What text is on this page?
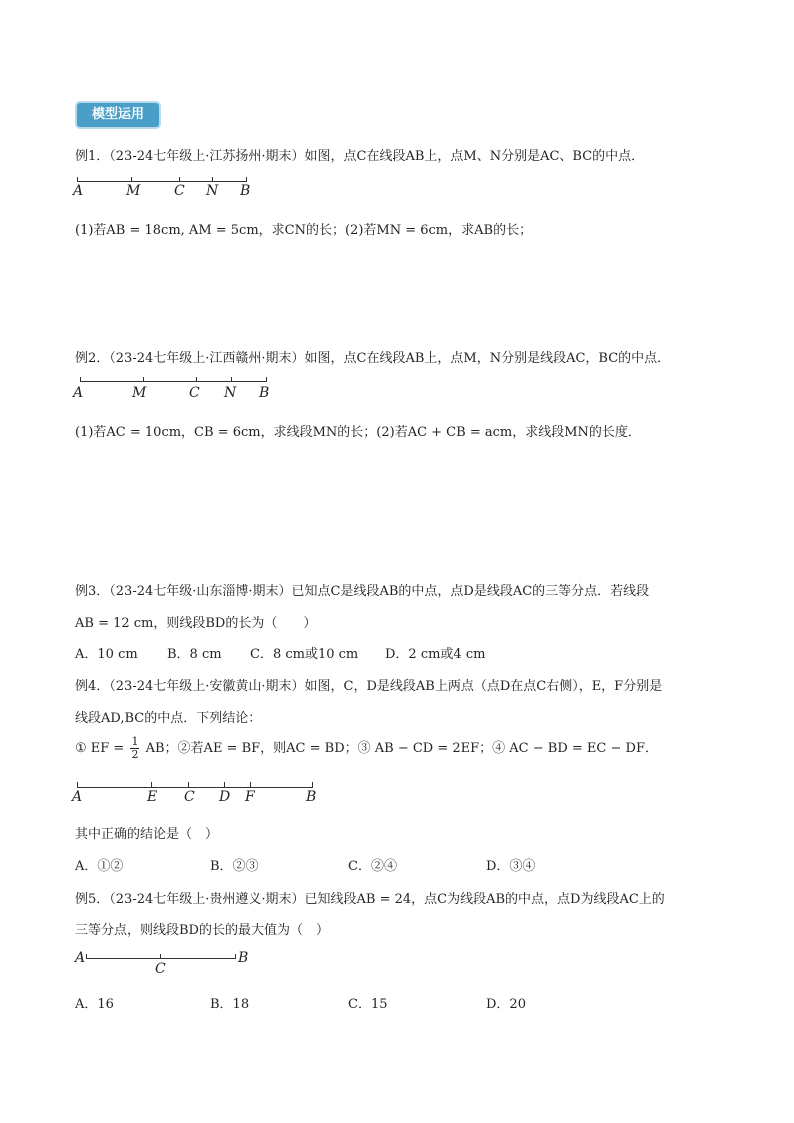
模型运用
例1．（23-24七年级上·江苏扬州·期末）如图，点C在线段AB上，点M、N分别是AC、BC的中点．
A	M C N B
(1)若AB = 18cm, AM = 5cm，求CN的长；(2)若MN = 6cm，求AB的长；
例2．（23-24七年级上·江西赣州·期末）如图，点C在线段AB上，点M，N分别是线段AC，BC的中点．
A	M	C N B
(1)若AC = 10cm，CB = 6cm，求线段MN的长；(2)若AC + CB = acm，求线段MN的长度．
例3．（23-24七年级·山东淄博·期末）已知点C是线段AB的中点，点D是线段AC的三等分点．若线段
AB = 12 cm，则线段BD的长为（　　）
A．10 cm B．8 cm C．8 cm或10 cm D．2 cm或4 cm
例4．（23-24七年级上·安徽黄山·期末）如图，C，D是线段AB上两点（点D在点C右侧），E，F分别是
线段AD,BC的中点．下列结论：
① EF = $\frac{1}{2}$ AB；②若AE = BF，则AC = BD；③ AB − CD = 2EF；④ AC − BD = EC − DF．
A	E C D F	B
其中正确的结论是（　）
A．①②	B．②③	C．②④	D．③④
例5．（23-24七年级上·贵州遵义·期末）已知线段AB = 24，点C为线段AB的中点，点D为线段AC上的
三等分点，则线段BD的长的最大值为（　）
A
C
B
A．16	B．18	C．15	D．20
